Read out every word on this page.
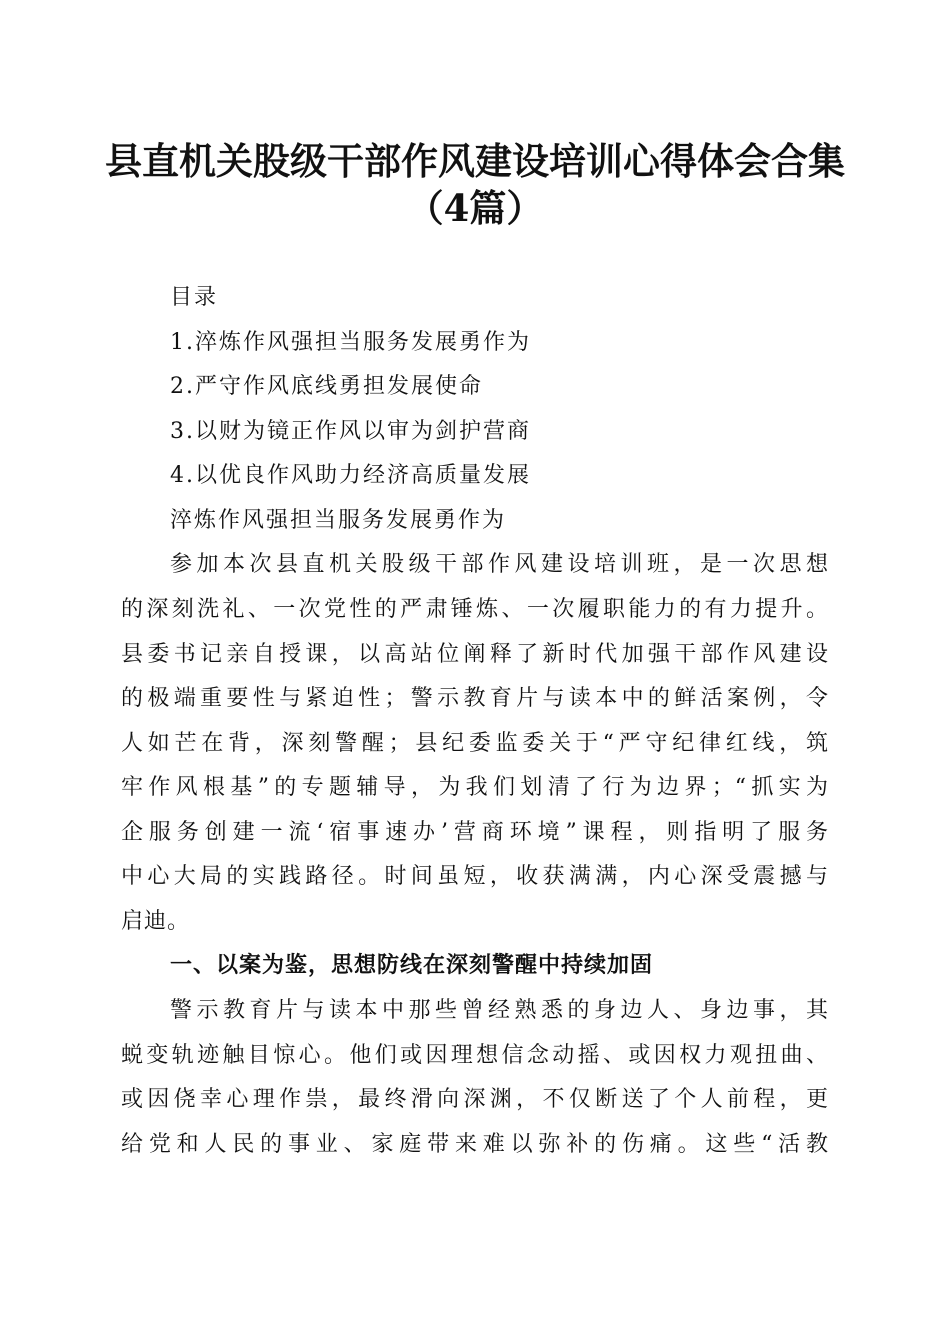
县直机关股级干部作风建设培训心得体会合集
（4篇）

目录

1.淬炼作风强担当服务发展勇作为

2.严守作风底线勇担发展使命

3.以财为镜正作风以审为剑护营商

4.以优良作风助力经济高质量发展

淬炼作风强担当服务发展勇作为

参加本次县直机关股级干部作风建设培训班，是一次思想

的深刻洗礼、一次党性的严肃锤炼、一次履职能力的有力提升。

县委书记亲自授课，以高站位阐释了新时代加强干部作风建设

的极端重要性与紧迫性；警示教育片与读本中的鲜活案例，令

人如芒在背，深刻警醒；县纪委监委关于“严守纪律红线，筑

牢作风根基”的专题辅导，为我们划清了行为边界；“抓实为

企服务创建一流‘宿事速办’营商环境”课程，则指明了服务

中心大局的实践路径。时间虽短，收获满满，内心深受震撼与

启迪。

一、以案为鉴，思想防线在深刻警醒中持续加固

警示教育片与读本中那些曾经熟悉的身边人、身边事，其

蜕变轨迹触目惊心。他们或因理想信念动摇、或因权力观扭曲、

或因侥幸心理作祟，最终滑向深渊，不仅断送了个人前程，更

给党和人民的事业、家庭带来难以弥补的伤痛。这些“活教
